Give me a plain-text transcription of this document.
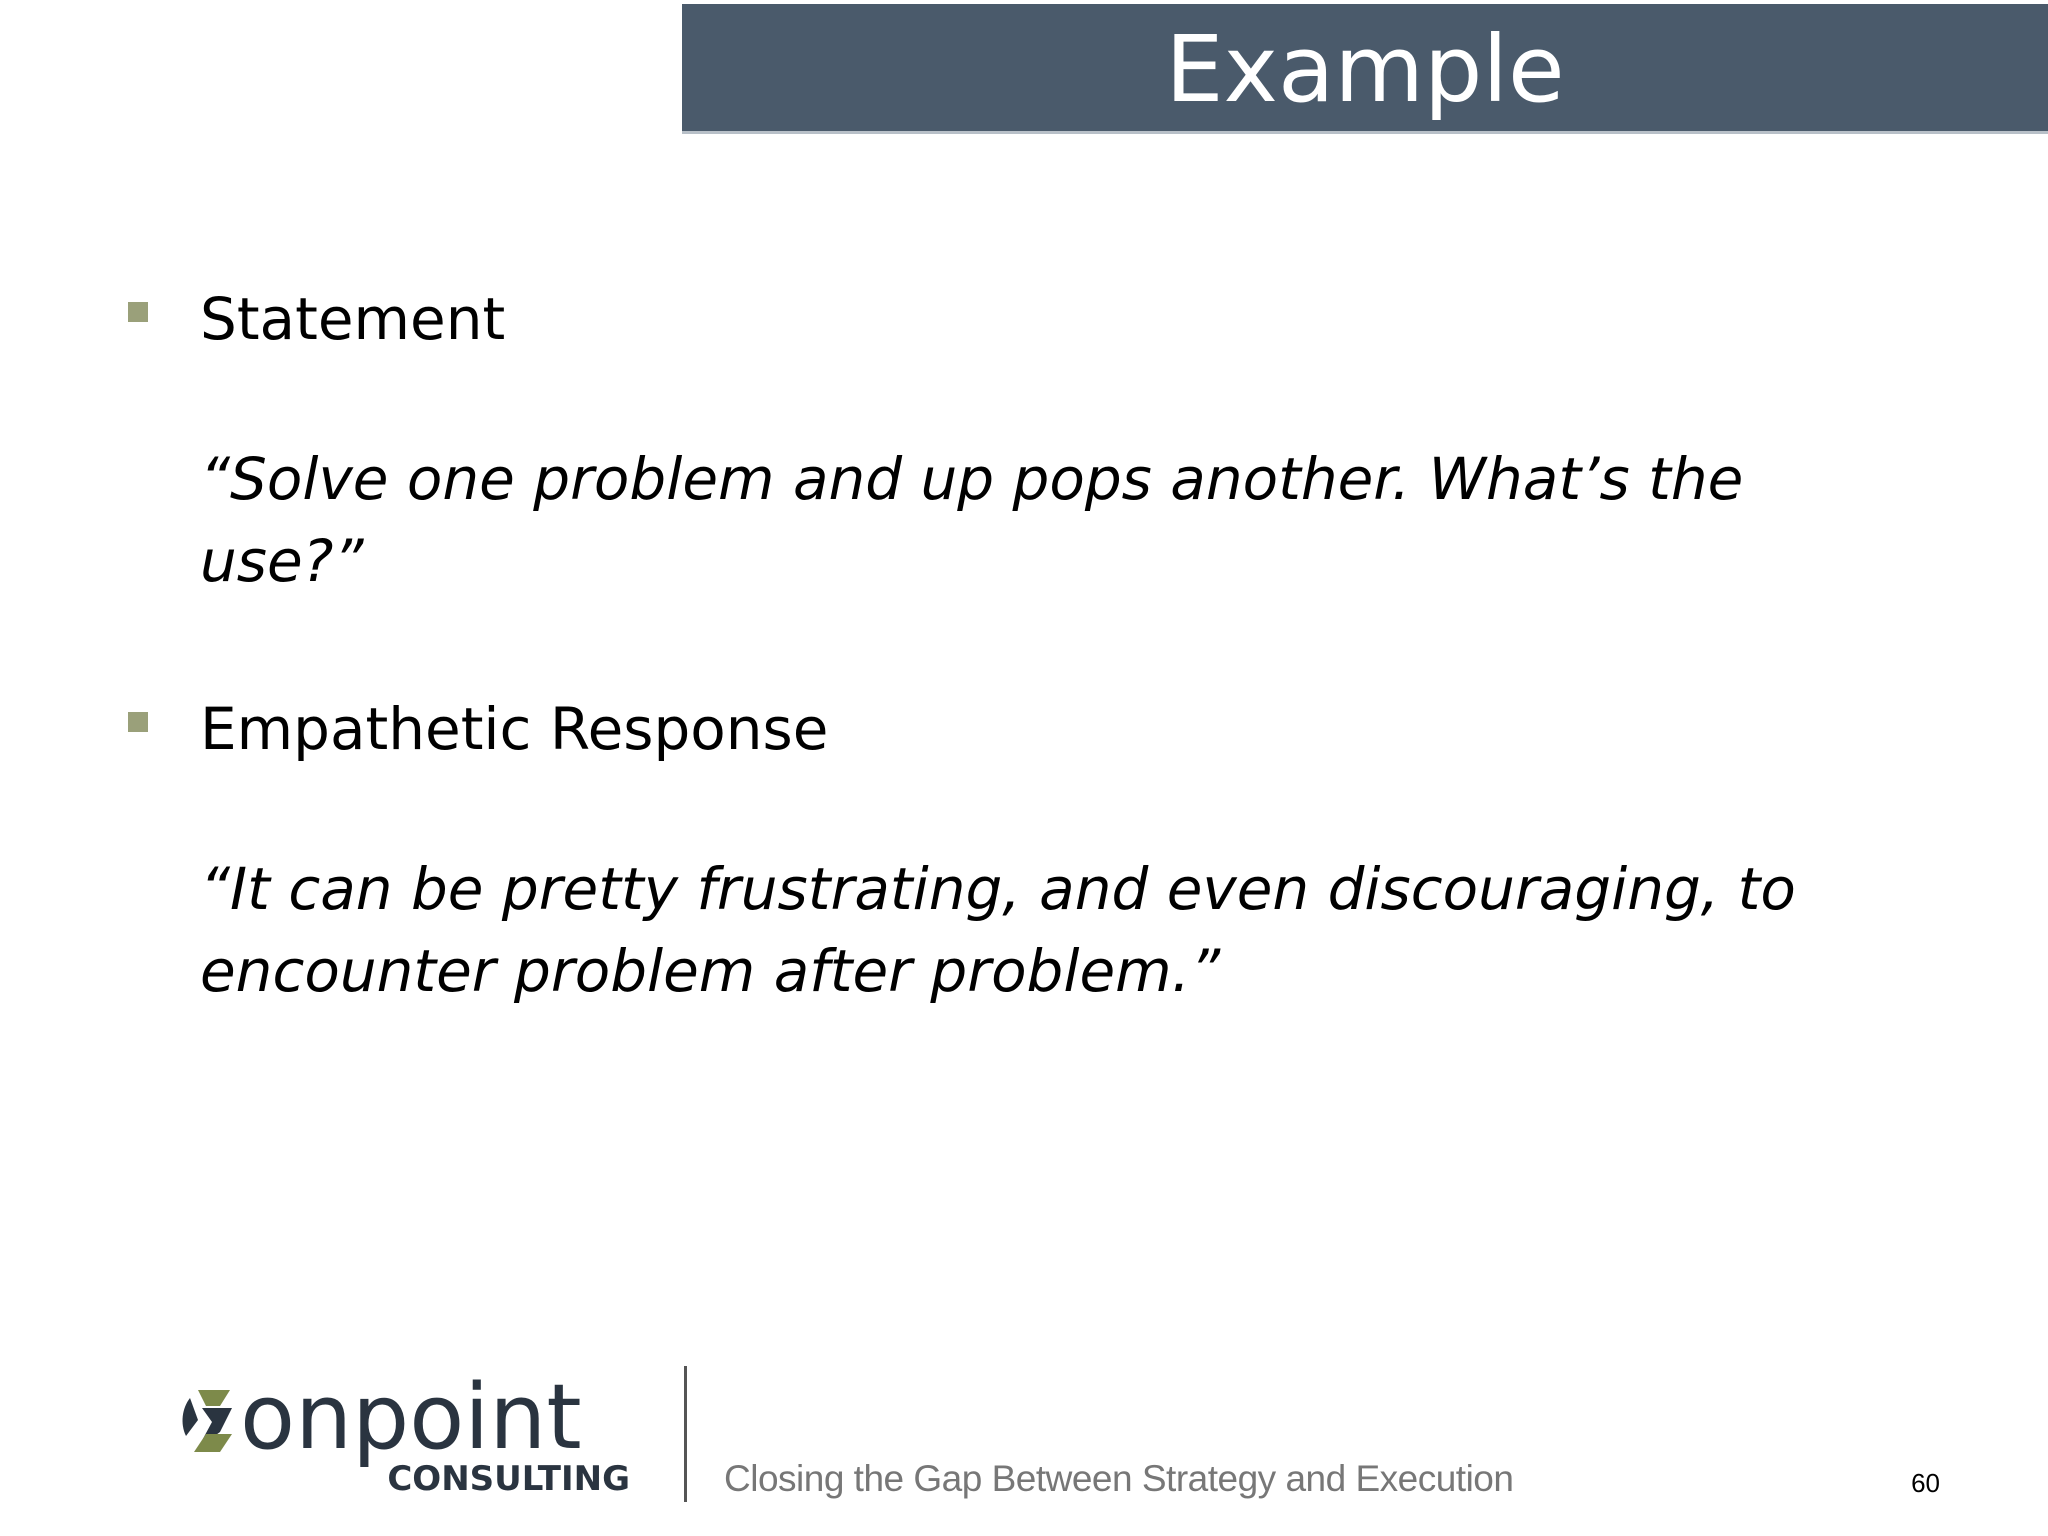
Example
Statement
“Solve one problem and up pops another. What’s the use?”
Empathetic Response
“It can be pretty frustrating, and even discouraging, to encounter problem after problem.”
onpoint
CONSULTING	Closing the Gap Between Strategy and Execution	60
